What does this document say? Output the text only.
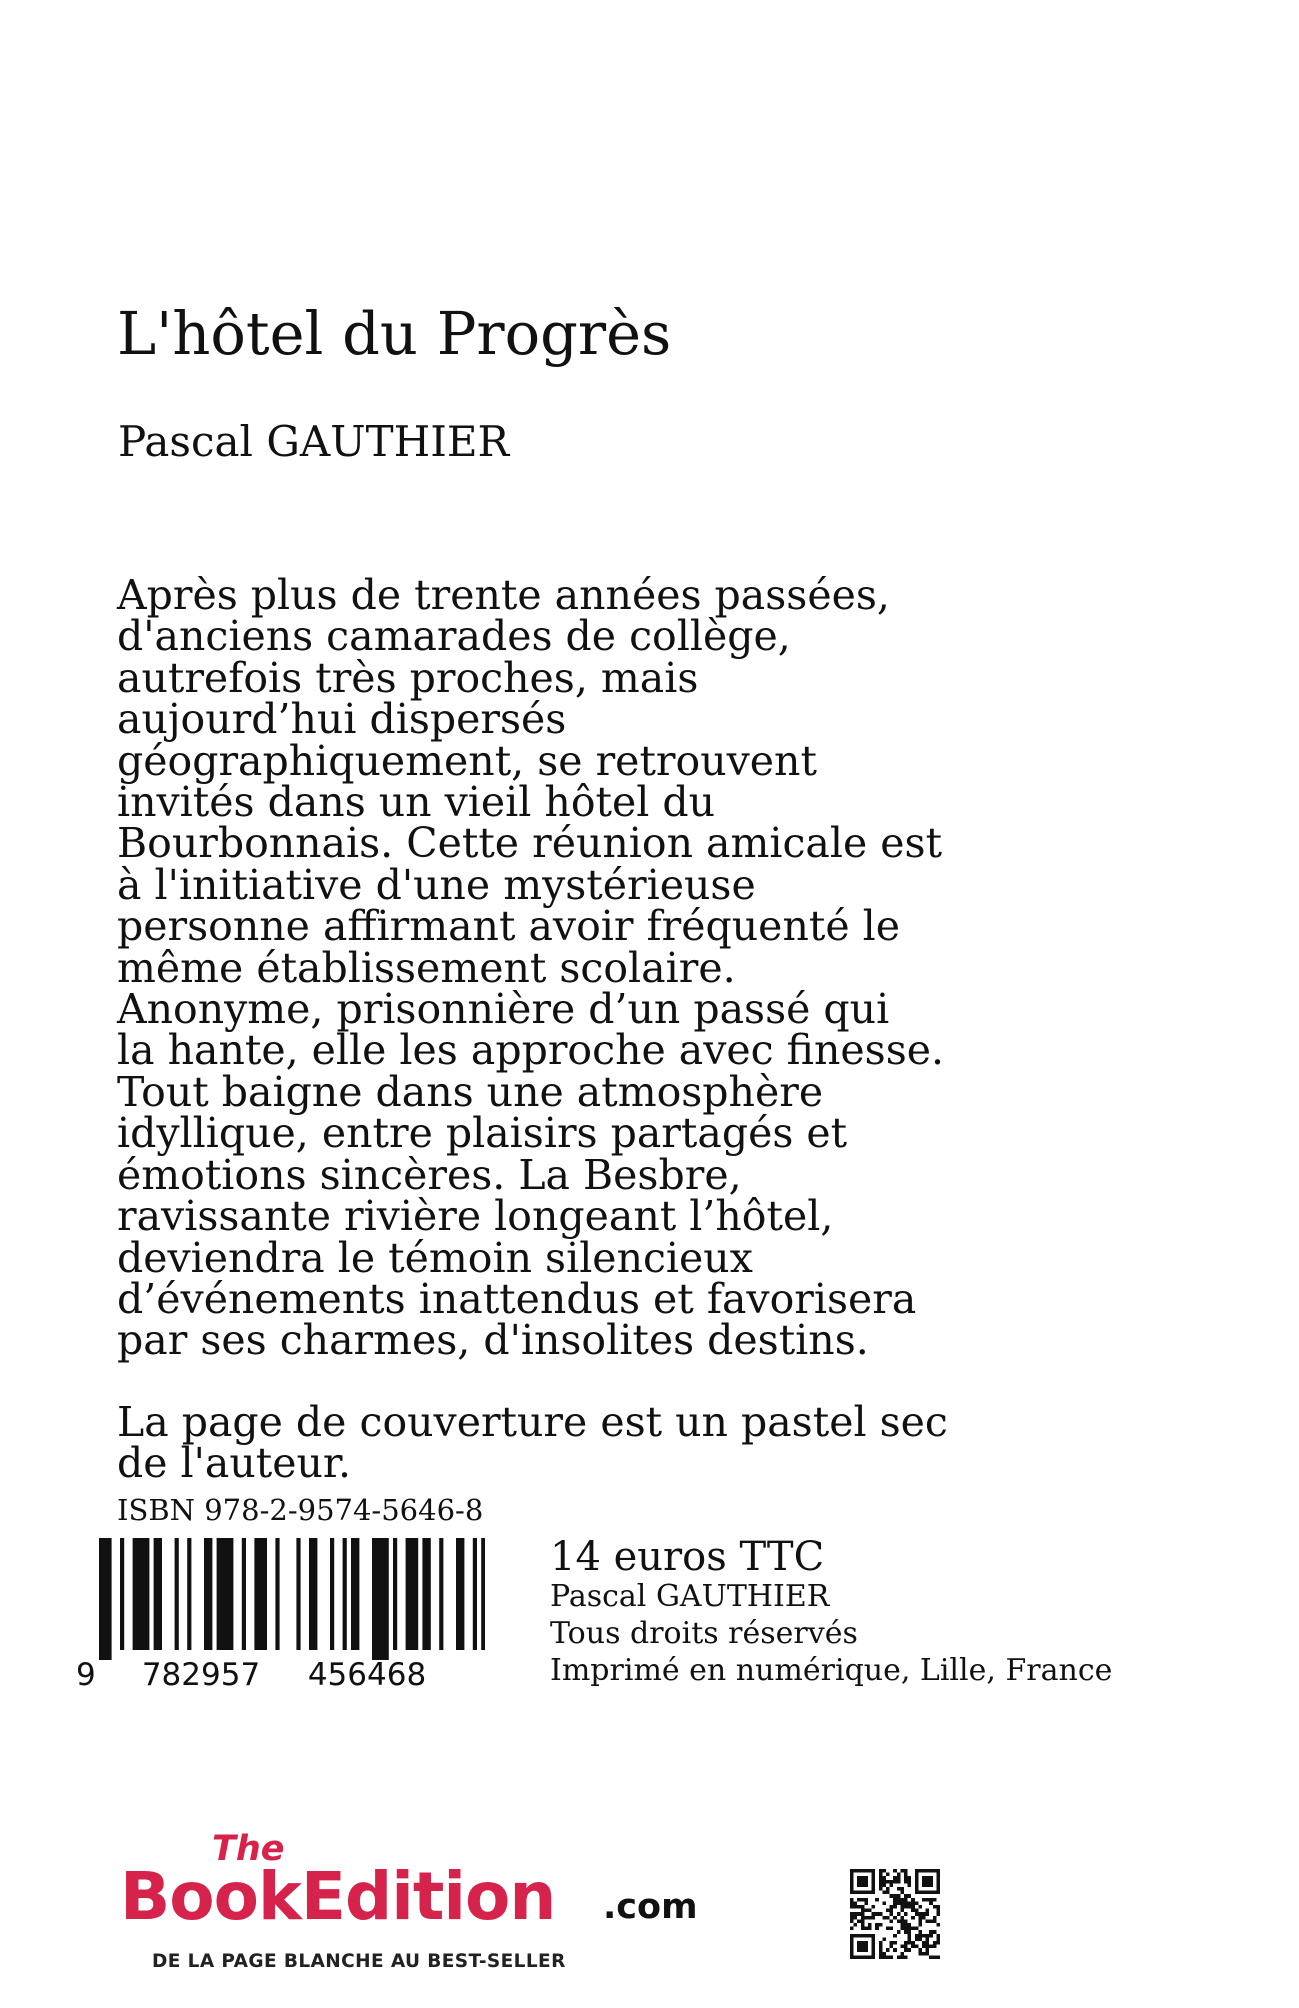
L'hôtel du Progrès
Pascal GAUTHIER
Après plus de trente années passées,
d'anciens camarades de collège,
autrefois très proches, mais
aujourd’hui dispersés
géographiquement, se retrouvent
invités dans un vieil hôtel du
Bourbonnais. Cette réunion amicale est
à l'initiative d'une mystérieuse
personne affirmant avoir fréquenté le
même établissement scolaire.
Anonyme, prisonnière d’un passé qui
la hante, elle les approche avec finesse.
Tout baigne dans une atmosphère
idyllique, entre plaisirs partagés et
émotions sincères. La Besbre,
ravissante rivière longeant l’hôtel,
deviendra le témoin silencieux
d’événements inattendus et favorisera
par ses charmes, d'insolites destins.
La page de couverture est un pastel sec
de l'auteur.
ISBN 978-2-9574-5646-8
9 782957 456468
14 euros TTC
Pascal GAUTHIER
Tous droits réservés
Imprimé en numérique, Lille, France
The
BookEdition .com
DE LA PAGE BLANCHE AU BEST-SELLER
